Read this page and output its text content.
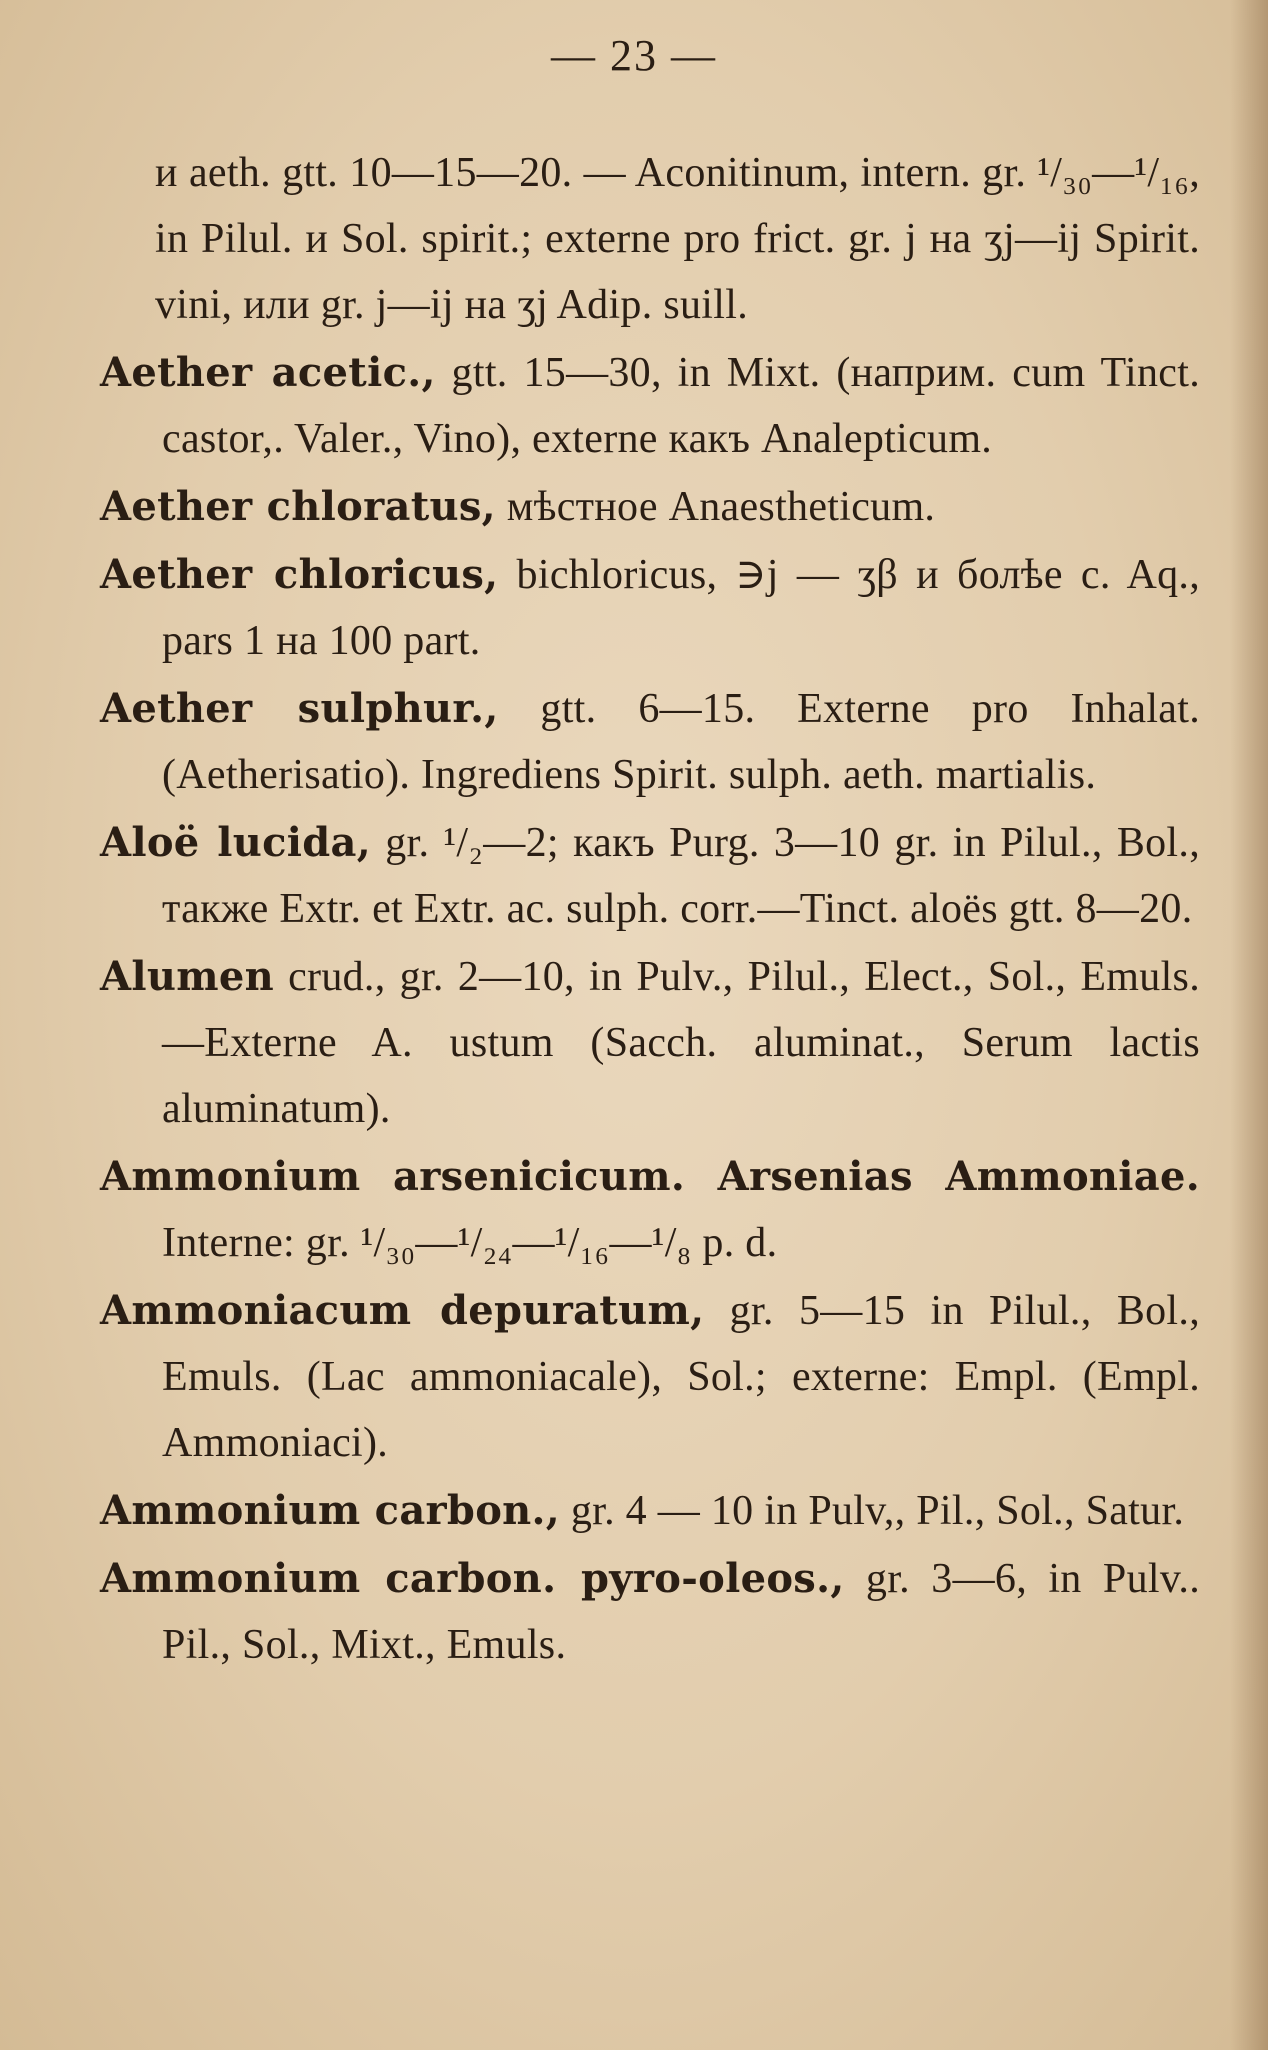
— 23 —

и aeth. gtt. 10—15—20. — Aconitinum, intern. gr. ¹/₃₀—¹/₁₆, in Pilul. и Sol. spirit.; externe pro frict. gr. j на ʒj—ij Spirit. vini, или gr. j—ij на ʒj Adip. suill.

Aether acetic., gtt. 15—30, in Mixt. (наприм. cum Tinct. castor,. Valer., Vino), externe какъ Analepticum.

Aether chloratus, мѣстное Anaestheticum.

Aether chloricus, bichloricus, ∋j — ʒβ и болѣе c. Aq., pars 1 на 100 part.

Aether sulphur., gtt. 6—15. Externe pro Inhalat. (Aetherisatio). Ingrediens Spirit. sulph. aeth. martialis.

Aloë lucida, gr. ¹/₂—2; какъ Purg. 3—10 gr. in Pilul., Bol., также Extr. et Extr. ac. sulph. corr.—Tinct. aloës gtt. 8—20.

Alumen crud., gr. 2—10, in Pulv., Pilul., Elect., Sol., Emuls.—Externe A. ustum (Sacch. aluminat., Serum lactis aluminatum).

Ammonium arsenicicum. Arsenias Ammoniae. Interne: gr. ¹/₃₀—¹/₂₄—¹/₁₆—¹/₈ p. d.

Ammoniacum depuratum, gr. 5—15 in Pilul., Bol., Emuls. (Lac ammoniacale), Sol.; externe: Empl. (Empl. Ammoniaci).

Ammonium carbon., gr. 4 — 10 in Pulv,, Pil., Sol., Satur.

Ammonium carbon. pyro-oleos., gr. 3—6, in Pulv.. Pil., Sol., Mixt., Emuls.
